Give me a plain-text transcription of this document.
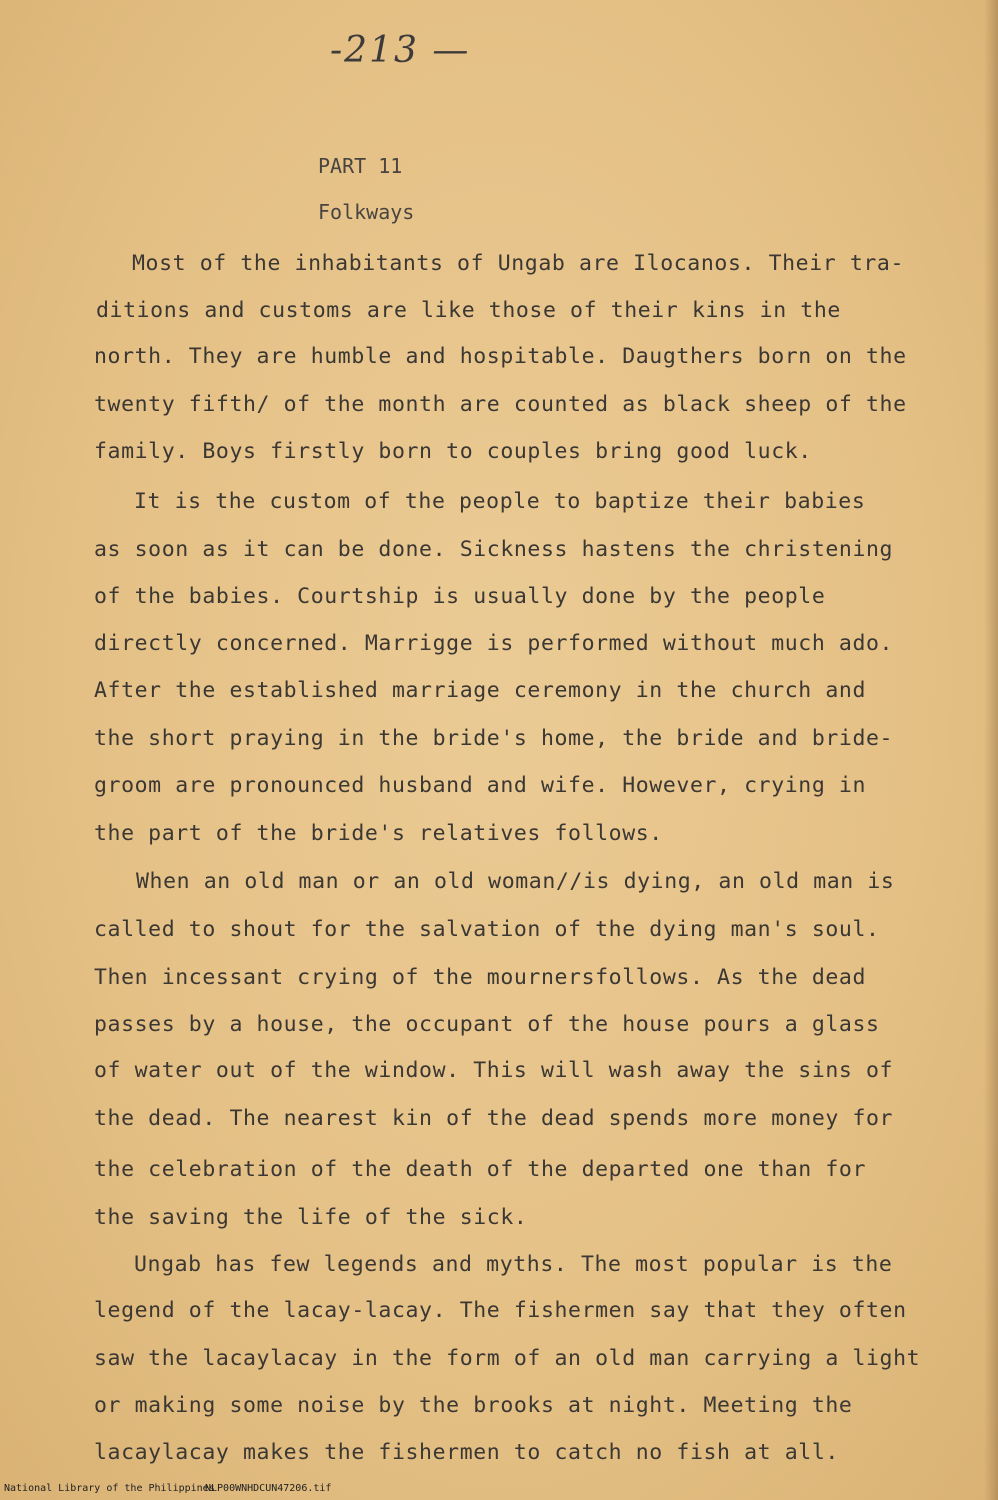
-213 —
PART 11
Folkways
Most of the inhabitants of Ungab are Ilocanos. Their tra-
ditions and customs are like those of their kins in the
north. They are humble and hospitable. Daugthers born on the
twenty fifth/ of the month are counted as black sheep of the
family. Boys firstly born to couples bring good luck.
It is the custom of the people to baptize their babies
as soon as it can be done. Sickness hastens the christening
of the babies. Courtship is usually done by the people
directly concerned. Marrigge is performed without much ado.
After the established marriage ceremony in the church and
the short praying in the bride's home, the bride and bride-
groom are pronounced husband and wife. However, crying in
the part of the bride's relatives follows.
When an old man or an old woman//is dying, an old man is
called to shout for the salvation of the dying man's soul.
Then incessant crying of the mournersfollows. As the dead
passes by a house, the occupant of the house pours a glass
of water out of the window. This will wash away the sins of
the dead. The nearest kin of the dead spends more money for
the celebration of the death of the departed one than for
the saving the life of the sick.
Ungab has few legends and myths. The most popular is the
legend of the lacay-lacay. The fishermen say that they often
saw the lacaylacay in the form of an old man carrying a light
or making some noise by the brooks at night. Meeting the
lacaylacay makes the fishermen to catch no fish at all.
National Library of the Philippines
NLP00WNHDCUN47206.tif
